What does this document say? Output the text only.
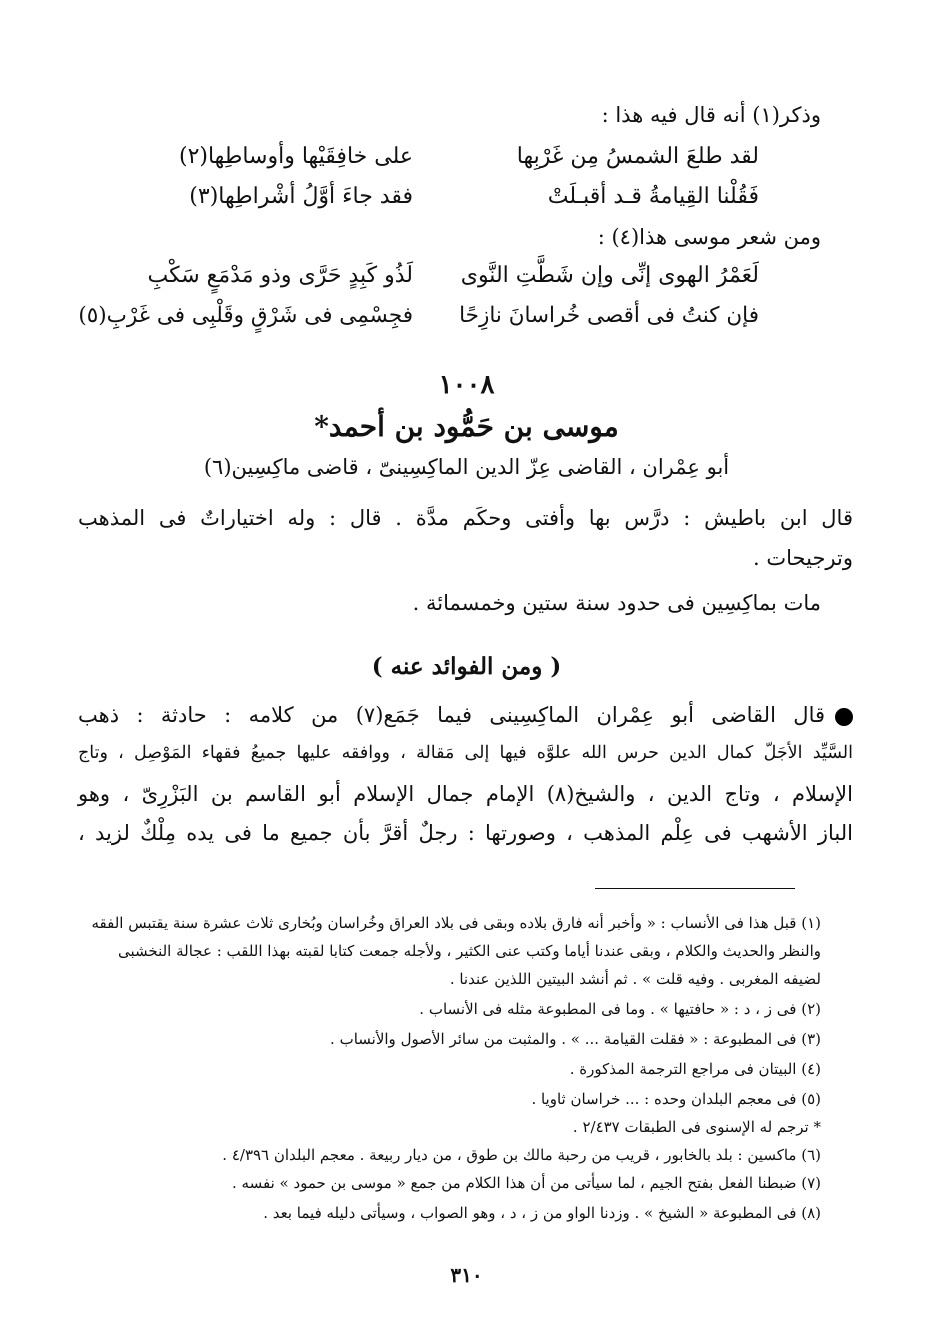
وذكر(١) أنه قال فيه هذا :
لقد طلعَ الشمسُ مِن غَرْبِها
على خافِقَيْها وأوساطِها(٢)
فَقُلْنا القِيامةُ قـد أقبـلَتْ
فقد جاءَ أوَّلُ أشْراطِها(٣)
ومن شعر موسى هذا(٤) :
لَعَمْرُ الهوى إنِّى وإن شَطَّتِ النَّوى
لَذُو كَبِدٍ حَرَّى وذو مَدْمَعٍ سَكْبِ
فإن كنتُ فى أقصى خُراسانَ نازِحًا
فجِسْمِى فى شَرْقٍ وقَلْبِى فى غَرْبِ(٥)
١٠٠٨
موسى بن حَمُّود بن أحمد*
أبو عِمْران ، القاضى عِزّ الدين الماكِسِينىّ ، قاضى ماكِسِين(٦)
قال ابن باطيش : درَّس بها وأفتى وحكَم مدَّة . قال : وله اختياراتٌ فى المذهب
وترجيحات .
مات بماكِسِين فى حدود سنة ستين وخمسمائة .
( ومن الفوائد عنه )
قال القاضى أبو عِمْران الماكِسِينى فيما جَمَع(٧) من كلامه : حادثة : ذهب
السَّيِّد الأجَلّ كمال الدين حرس الله علوَّه فيها إلى مَقالة ، ووافقه عليها جميعُ فقهاء المَوْصِل ، وتاج
الإسلام ، وتاج الدين ، والشيخ(٨) الإمام جمال الإسلام أبو القاسم بن البَزْرِىّ ، وهو
الباز الأشهب فى عِلْم المذهب ، وصورتها : رجلٌ أقرَّ بأن جميع ما فى يده مِلْكٌ لزيد ،
(١) قبل هذا فى الأنساب : « وأخبر أنه فارق بلاده وبقى فى بلاد العراق وخُراسان وبُخارى ثلاث عشرة سنة يقتبس الفقه
والنظر والحديث والكلام ، وبقى عندنا أياما وكتب عنى الكثير ، ولأجله جمعت كتابا لقبته بهذا اللقب : عجالة النخشبى
لضيفه المغربى . وفيه قلت » . ثم أنشد البيتين اللذين عندنا .
(٢) فى ز ، د : « حافتيها » . وما فى المطبوعة مثله فى الأنساب .
(٣) فى المطبوعة : « فقلت القيامة ... » . والمثبت من سائر الأصول والأنساب .
(٤) البيتان فى مراجع الترجمة المذكورة .
(٥) فى معجم البلدان وحده : ... خراسان ثاويا .
* ترجم له الإسنوى فى الطبقات ٢/٤٣٧ .
(٦) ماكسين : بلد بالخابور ، قريب من رحبة مالك بن طوق ، من ديار ربيعة . معجم البلدان ٤/٣٩٦ .
(٧) ضبطنا الفعل بفتح الجيم ، لما سيأتى من أن هذا الكلام من جمع « موسى بن حمود » نفسه .
(٨) فى المطبوعة « الشيخ » . وزدنا الواو من ز ، د ، وهو الصواب ، وسيأتى دليله فيما بعد .
٣١٠
